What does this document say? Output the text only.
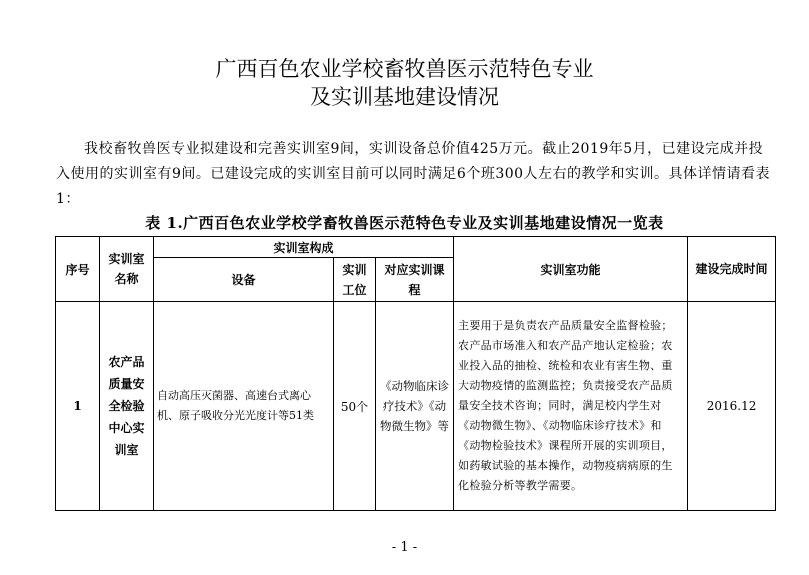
广西百色农业学校畜牧兽医示范特色专业
及实训基地建设情况
我校畜牧兽医专业拟建设和完善实训室9间，实训设备总价值425万元。截止2019年5月，已建设完成并投入使用的实训室有9间。已建设完成的实训室目前可以同时满足6个班300人左右的教学和实训。具体详情请看表1：
表 1.广西百色农业学校学畜牧兽医示范特色专业及实训基地建设情况一览表
序号	实训室名称	实训室构成			实训室功能	建设完成时间
		设备	实训工位	对应实训课程		
1	农产品质量安全检验中心实训室	自动高压灭菌器、高速台式离心机、原子吸收分光光度计等51类	50个	《动物临床诊疗技术》《动物微生物》等	主要用于是负责农产品质量安全监督检验；农产品市场准入和农产品产地认定检验；农业投入品的抽检、统检和农业有害生物、重大动物疫情的监测监控；负责接受农产品质量安全技术咨询；同时，满足校内学生对《动物微生物》、《动物临床诊疗技术》和《动物检验技术》课程所开展的实训项目，如药敏试验的基本操作，动物疫病病原的生化检验分析等教学需要。	2016.12
- 1 -
